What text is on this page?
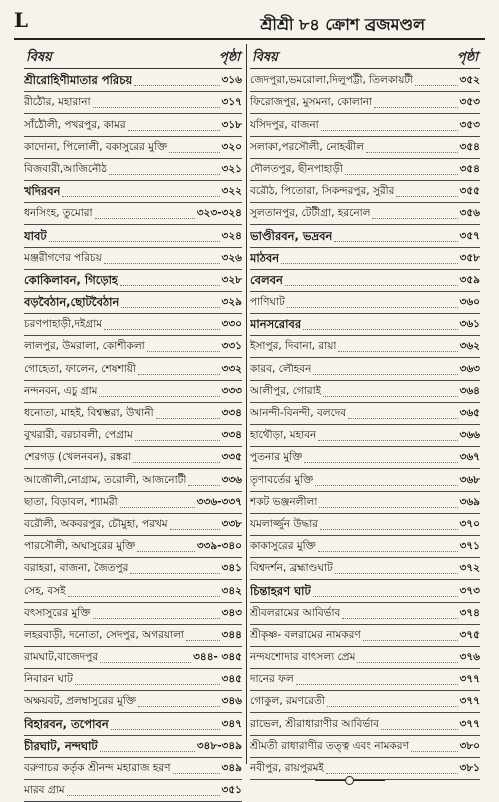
L	শ্রীশ্রী ৮৪ ক্রোশ ব্রজমণ্ডল
বিষয়	পৃষ্ঠা বিষয়	পৃষ্ঠা
শ্রীরোহিণীমাতার পরিচয়	৩১৬
রীঠৌর, মহারানা	৩১৭
সাঁঠৌলী, পখরপুর, কামর	৩১৮
কাদোনা, পিলোলী, বকাসুরের মুক্তি	৩২০
বিজবারী,আজিনৌঠ	৩২১
খদিরবন	৩২২
ধনসিংহ, তুমোরা	৩২৩-৩২৪
যাবট	৩২৪
মঞ্জরীগণের পরিচয়	৩২৬
কোকিলাবন, গিড়োহ	৩২৮
বড়বৈঠান,ছোটবৈঠান	৩২৯
চরণপাহাড়ী,দইগ্রাম	৩৩০
লালপুর, উমরালা, কোশীকলা	৩৩১
গোহেতা, ফালেন, শেষশায়ী	৩৩২
নন্দনবন, এচু গ্রাম	৩৩৩
ধনোতা, মাহই, বিশ্বম্ভরা, উখানী	৩৩৪
বুখরারী, বরচাবলী, পেগ্রাম	৩৩৪
শেরগড় (খেলনবন), রঙ্করা	৩৩৫
আজৌলী,নোগ্রাম, তরোলী, আজনোটী	৩৩৬
ছাতা, বিড়াবল, শ্যামরী	৩৩৬-৩৩৭
বরৌলী, অকবরপুর, চৌমুহা, পরখম	৩৩৮
পারসৌলী, অঘাসুরের মুক্তি	৩৩৯-৩৪০
বরাহরা, বাজনা, জৈতপুর	৩৪১
সেহ, বসই	৩৪২
বৎসাসুরের মুক্তি	৩৪৩
লহরবাড়ী, দনোতা, সেদপুর, অগরয়ালা	৩৪৪
রামঘাট,বাজেদপুর	৩৪৪- ৩৪৫
নিবারন ঘাট	৩৪৫
অক্ষয়বট, প্রলম্বাসুরের মুক্তি	৩৪৬
বিহারবন, তপোবন	৩৪৭
চীরঘাট, নন্দঘাট	৩৪৮-৩৪৯
বরুণাচর কর্তৃক শ্রীনন্দ মহারাজ হরণ	৩৪৯
মারব গ্রাম	৩৫১
জেদপুরা,ভমরোলা,দিলুপট্টী, তিলকায়টী	৩৫২
ফিরোজপুর, মুসমনা, কোলানা	৩৫৩
যসিদপুর, বাজনা	৩৫৩
সলাকা,পরসৌলী, নোহঝীল	৩৫৪
দৌলতপুর, ছীনপাহাড়ী	৩৫৪
বরৌঠ, পিতোরা, সিকন্দরপুর, সুরীর	৩৫৫
সুলতানপুর, টেটীগ্রা, হরনোল	৩৫৬
ভাণ্ডীরবন, ভদ্রবন	৩৫৭
মাঠবন	৩৫৮
বেলবন	৩৫৯
পাণিঘাট	৩৬০
মানসরোবর	৩৬১
ইসাপুর, দিবানা, রায়া	৩৬২
কারব, লৌহবন	৩৬৩
আলীপুর, গোরাই	৩৬৪
আনন্দী-বিনন্দী, বলদেব	৩৬৫
হাথৌড়া, মহাবন	৩৬৬
পুতনার মুক্তি	৩৬৭
তৃণাবর্তের মুক্তি	৩৬৮
শকট ভঞ্জনলীলা	৩৬৯
যমলার্জ্জুন উদ্ধার	৩৭০
কাকাসুরের মুক্তি	৩৭১
বিশ্বদর্শন, ব্রহ্মাণ্ডঘাট	৩৭২
চিন্তাহরণ ঘাট	৩৭৩
শ্রীবলরামের আবির্ভাব	৩৭৪
শ্রীকৃষ্ণ- বলরামের নামকরণ	৩৭৫
নন্দযশোদার বাৎসল্য প্রেম	৩৭৬
দানের ফল	৩৭৭
গোকুল, রমণরেতী	৩৭৭
রাভেল, শ্রীরাধারাণীর আবির্ভাব	৩৭৭
শ্রীমতী রাধারাণীর তত্ত্ব এবং নামকরণ	৩৮০
নবীপুর, রায়পুরমই	৩৮১
